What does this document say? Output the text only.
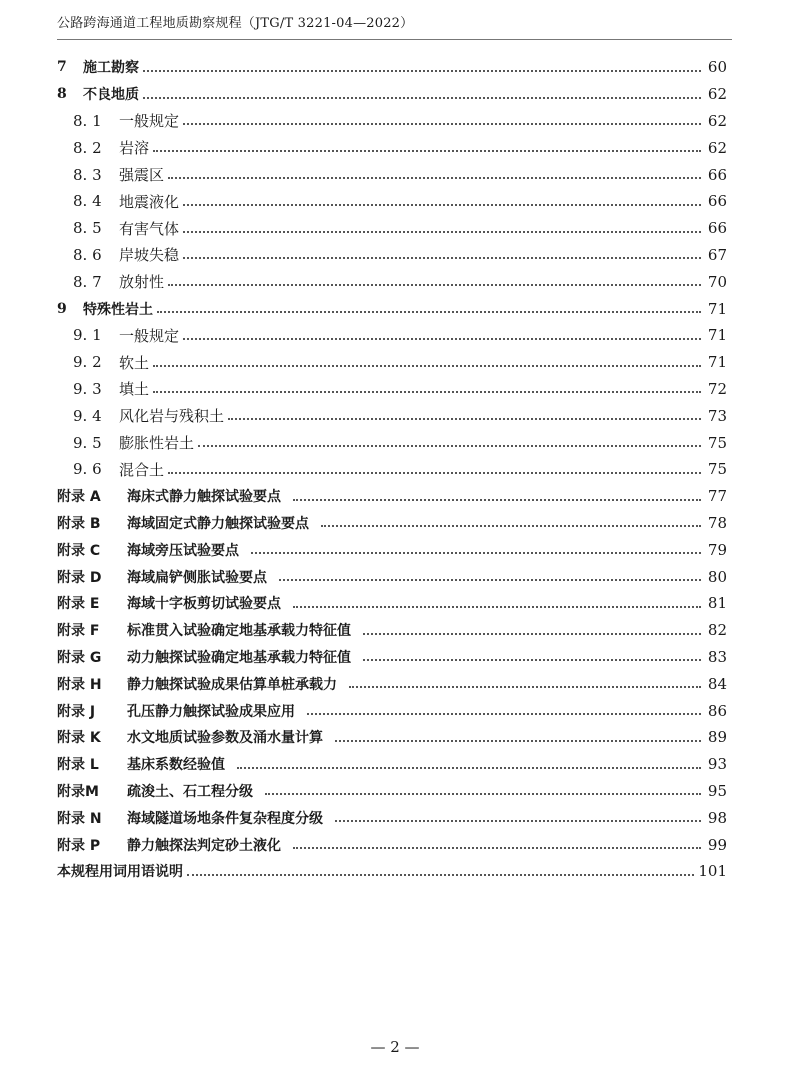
公路跨海通道工程地质勘察规程（JTG/T 3221-04—2022）
7	施工勘察	60
8	不良地质	62
8. 1	一般规定	62
8. 2	岩溶	62
8. 3	强震区	66
8. 4	地震液化	66
8. 5	有害气体	66
8. 6	岸坡失稳	67
8. 7	放射性	70
9	特殊性岩土	71
9. 1	一般规定	71
9. 2	软土	71
9. 3	填土	72
9. 4	风化岩与残积土	73
9. 5	膨胀性岩土	75
9. 6	混合土	75
附录 A	海床式静力触探试验要点	77
附录 B	海域固定式静力触探试验要点	78
附录 C	海域旁压试验要点	79
附录 D	海域扁铲侧胀试验要点	80
附录 E	海域十字板剪切试验要点	81
附录 F	标准贯入试验确定地基承载力特征值	82
附录 G	动力触探试验确定地基承载力特征值	83
附录 H	静力触探试验成果估算单桩承载力	84
附录 J	孔压静力触探试验成果应用	86
附录 K	水文地质试验参数及涌水量计算	89
附录 L	基床系数经验值	93
附录M	疏浚土、石工程分级	95
附录 N	海域隧道场地条件复杂程度分级	98
附录 P	静力触探法判定砂土液化	99
本规程用词用语说明	101
— 2 —
